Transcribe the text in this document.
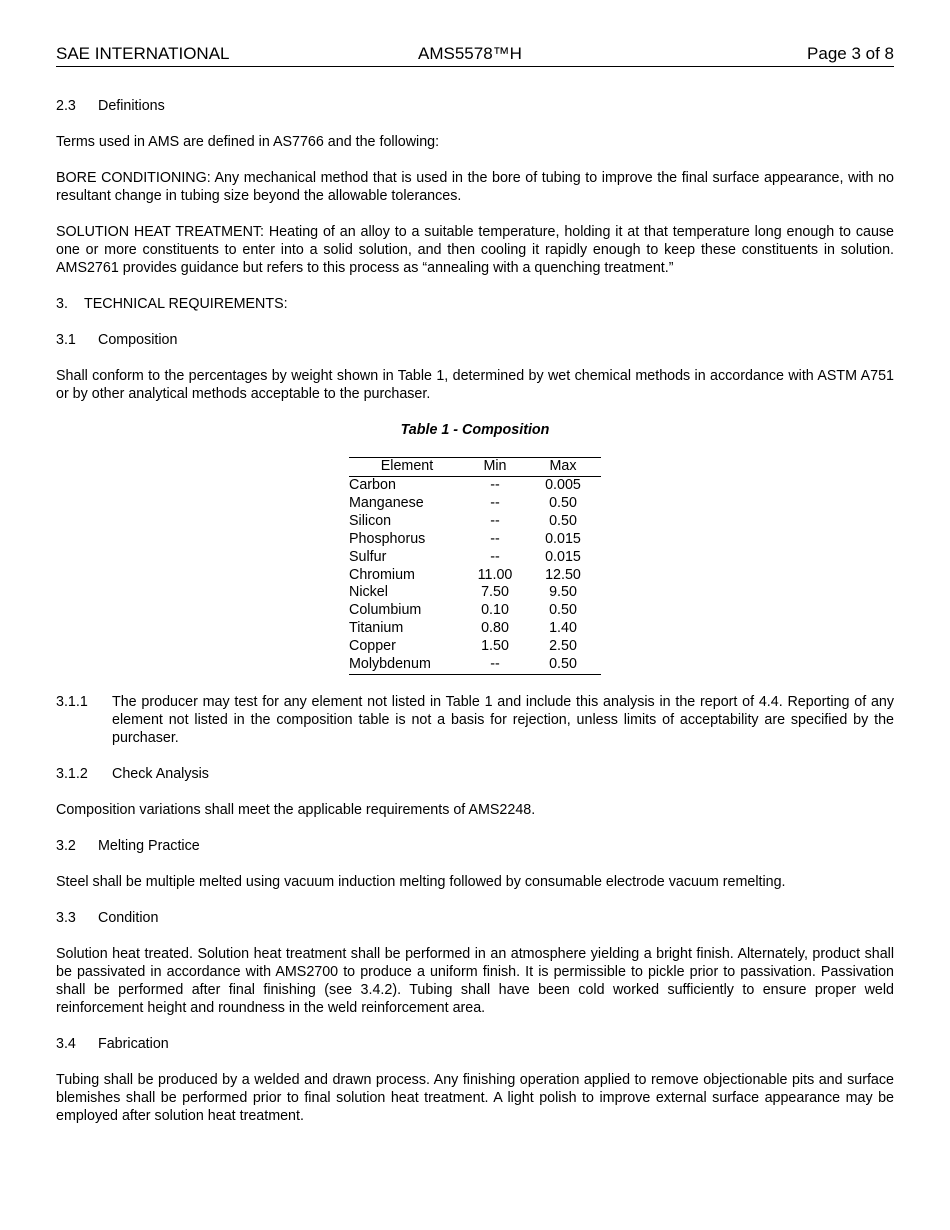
SAE INTERNATIONAL	AMS5578™H	Page 3 of 8

2.3 Definitions

Terms used in AMS are defined in AS7766 and the following:

BORE CONDITIONING: Any mechanical method that is used in the bore of tubing to improve the final surface appearance, with no resultant change in tubing size beyond the allowable tolerances.

SOLUTION HEAT TREATMENT: Heating of an alloy to a suitable temperature, holding it at that temperature long enough to cause one or more constituents to enter into a solid solution, and then cooling it rapidly enough to keep these constituents in solution. AMS2761 provides guidance but refers to this process as “annealing with a quenching treatment.”

3. TECHNICAL REQUIREMENTS:

3.1 Composition

Shall conform to the percentages by weight shown in Table 1, determined by wet chemical methods in accordance with ASTM A751 or by other analytical methods acceptable to the purchaser.

Table 1 - Composition

Element	Min	Max
Carbon	--	0.005
Manganese	--	0.50
Silicon	--	0.50
Phosphorus	--	0.015
Sulfur	--	0.015
Chromium	11.00	12.50
Nickel	7.50	9.50
Columbium	0.10	0.50
Titanium	0.80	1.40
Copper	1.50	2.50
Molybdenum	--	0.50
3.1.1	The producer may test for any element not listed in Table 1 and include this analysis in the report of 4.4. Reporting of any element not listed in the composition table is not a basis for rejection, unless limits of acceptability are specified by the purchaser.

3.1.2 Check Analysis

Composition variations shall meet the applicable requirements of AMS2248.

3.2 Melting Practice

Steel shall be multiple melted using vacuum induction melting followed by consumable electrode vacuum remelting.

3.3 Condition

Solution heat treated. Solution heat treatment shall be performed in an atmosphere yielding a bright finish. Alternately, product shall be passivated in accordance with AMS2700 to produce a uniform finish. It is permissible to pickle prior to passivation. Passivation shall be performed after final finishing (see 3.4.2). Tubing shall have been cold worked sufficiently to ensure proper weld reinforcement height and roundness in the weld reinforcement area.

3.4 Fabrication

Tubing shall be produced by a welded and drawn process. Any finishing operation applied to remove objectionable pits and surface blemishes shall be performed prior to final solution heat treatment. A light polish to improve external surface appearance may be employed after solution heat treatment.
